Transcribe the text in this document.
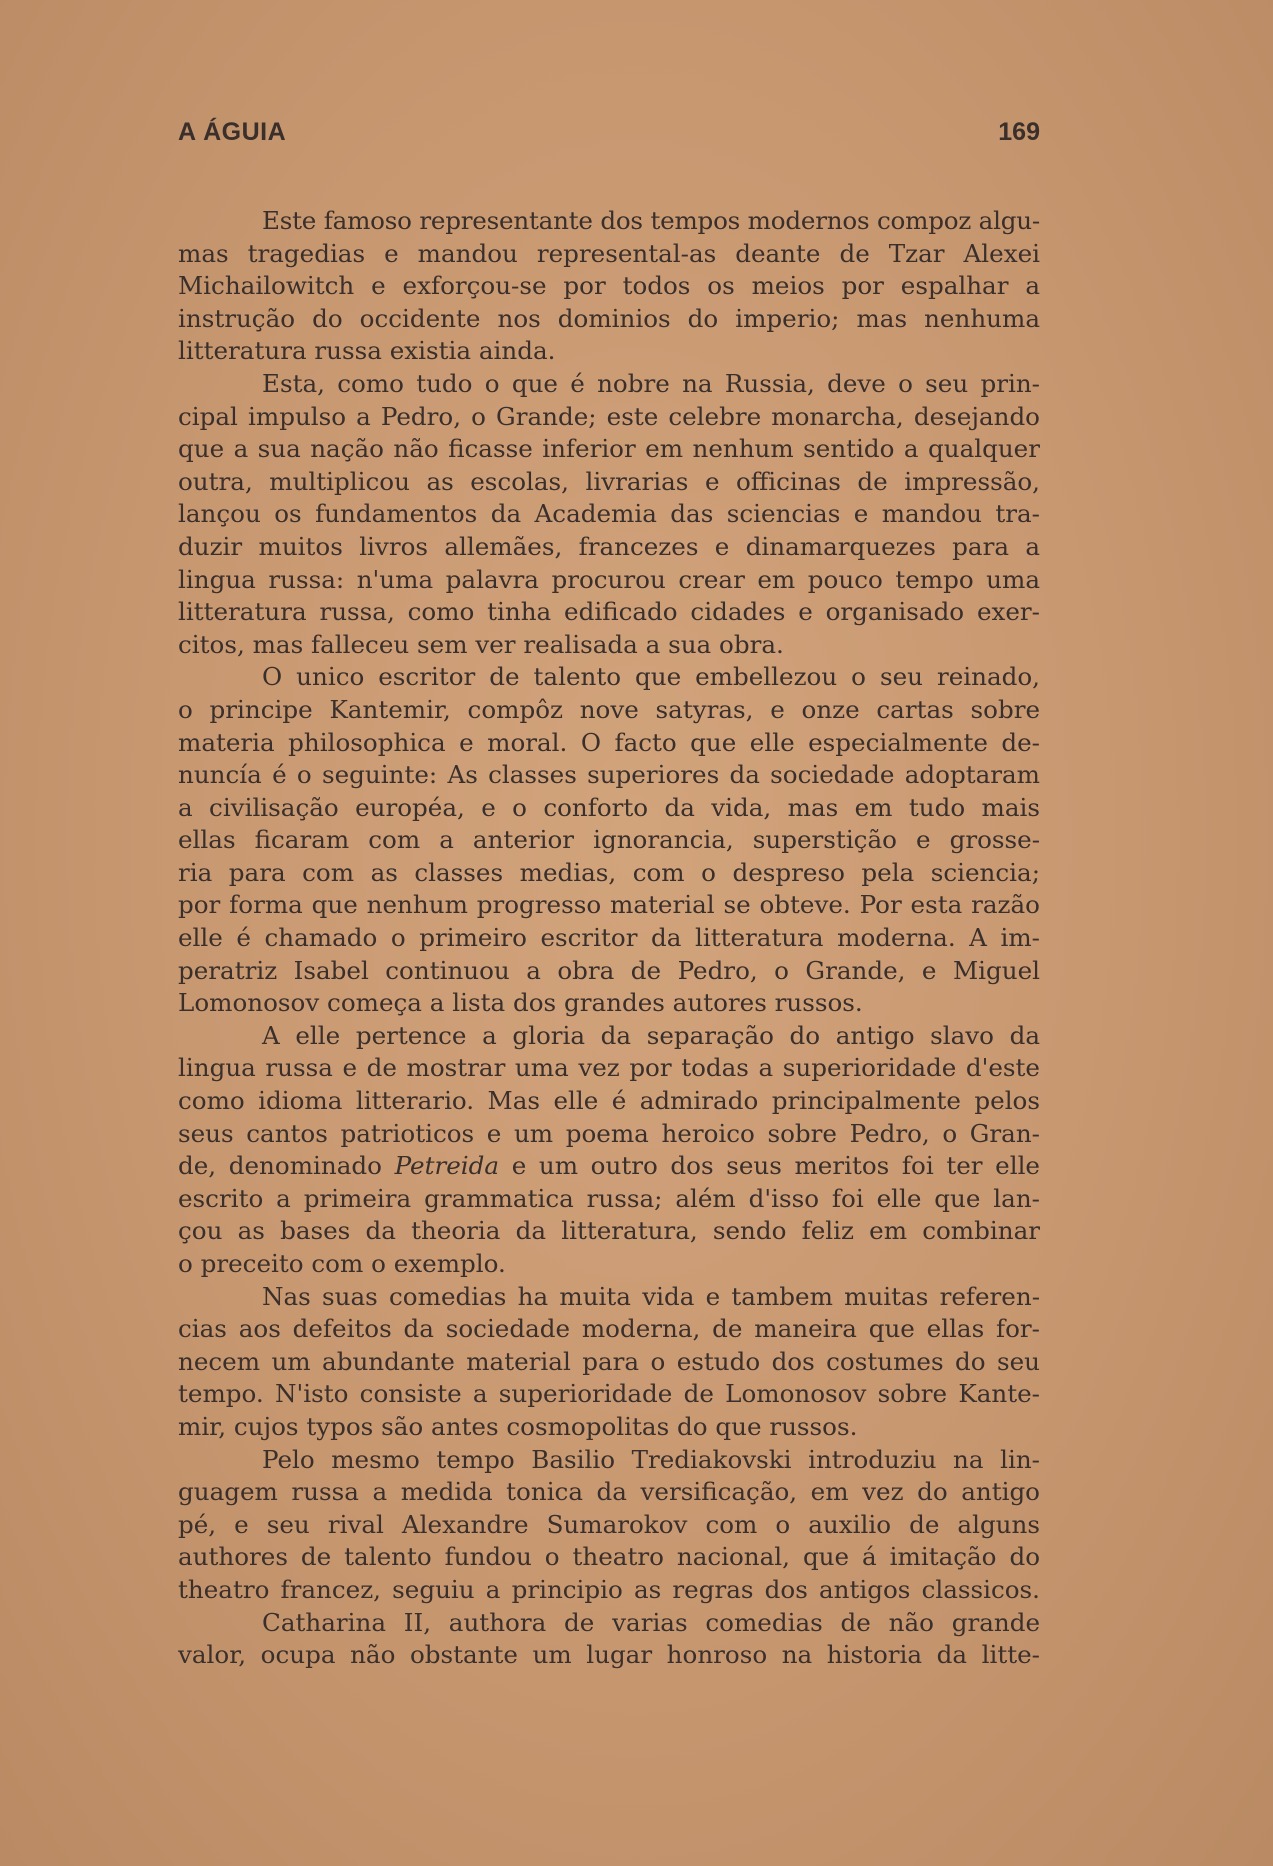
A ÁGUIA	169
Este famoso representante dos tempos modernos compoz algu-
mas tragedias e mandou represental-as deante de Tzar Alexei
Michailowitch e exforçou-se por todos os meios por espalhar a
instrução do occidente nos dominios do imperio; mas nenhuma
litteratura russa existia ainda.
Esta, como tudo o que é nobre na Russia, deve o seu prin-
cipal impulso a Pedro, o Grande; este celebre monarcha, desejando
que a sua nação não ficasse inferior em nenhum sentido a qualquer
outra, multiplicou as escolas, livrarias e officinas de impressão,
lançou os fundamentos da Academia das sciencias e mandou tra-
duzir muitos livros allemães, francezes e dinamarquezes para a
lingua russa: n'uma palavra procurou crear em pouco tempo uma
litteratura russa, como tinha edificado cidades e organisado exer-
citos, mas falleceu sem ver realisada a sua obra.
O unico escritor de talento que embellezou o seu reinado,
o principe Kantemir, compôz nove satyras, e onze cartas sobre
materia philosophica e moral. O facto que elle especialmente de-
nuncía é o seguinte: As classes superiores da sociedade adoptaram
a civilisação européa, e o conforto da vida, mas em tudo mais
ellas ficaram com a anterior ignorancia, superstição e grosse-
ria para com as classes medias, com o despreso pela sciencia;
por forma que nenhum progresso material se obteve. Por esta razão
elle é chamado o primeiro escritor da litteratura moderna. A im-
peratriz Isabel continuou a obra de Pedro, o Grande, e Miguel
Lomonosov começa a lista dos grandes autores russos.
A elle pertence a gloria da separação do antigo slavo da
lingua russa e de mostrar uma vez por todas a superioridade d'este
como idioma litterario. Mas elle é admirado principalmente pelos
seus cantos patrioticos e um poema heroico sobre Pedro, o Gran-
de, denominado Petreida e um outro dos seus meritos foi ter elle
escrito a primeira grammatica russa; além d'isso foi elle que lan-
çou as bases da theoria da litteratura, sendo feliz em combinar
o preceito com o exemplo.
Nas suas comedias ha muita vida e tambem muitas referen-
cias aos defeitos da sociedade moderna, de maneira que ellas for-
necem um abundante material para o estudo dos costumes do seu
tempo. N'isto consiste a superioridade de Lomonosov sobre Kante-
mir, cujos typos são antes cosmopolitas do que russos.
Pelo mesmo tempo Basilio Trediakovski introduziu na lin-
guagem russa a medida tonica da versificação, em vez do antigo
pé, e seu rival Alexandre Sumarokov com o auxilio de alguns
authores de talento fundou o theatro nacional, que á imitação do
theatro francez, seguiu a principio as regras dos antigos classicos.
Catharina II, authora de varias comedias de não grande
valor, ocupa não obstante um lugar honroso na historia da litte-
